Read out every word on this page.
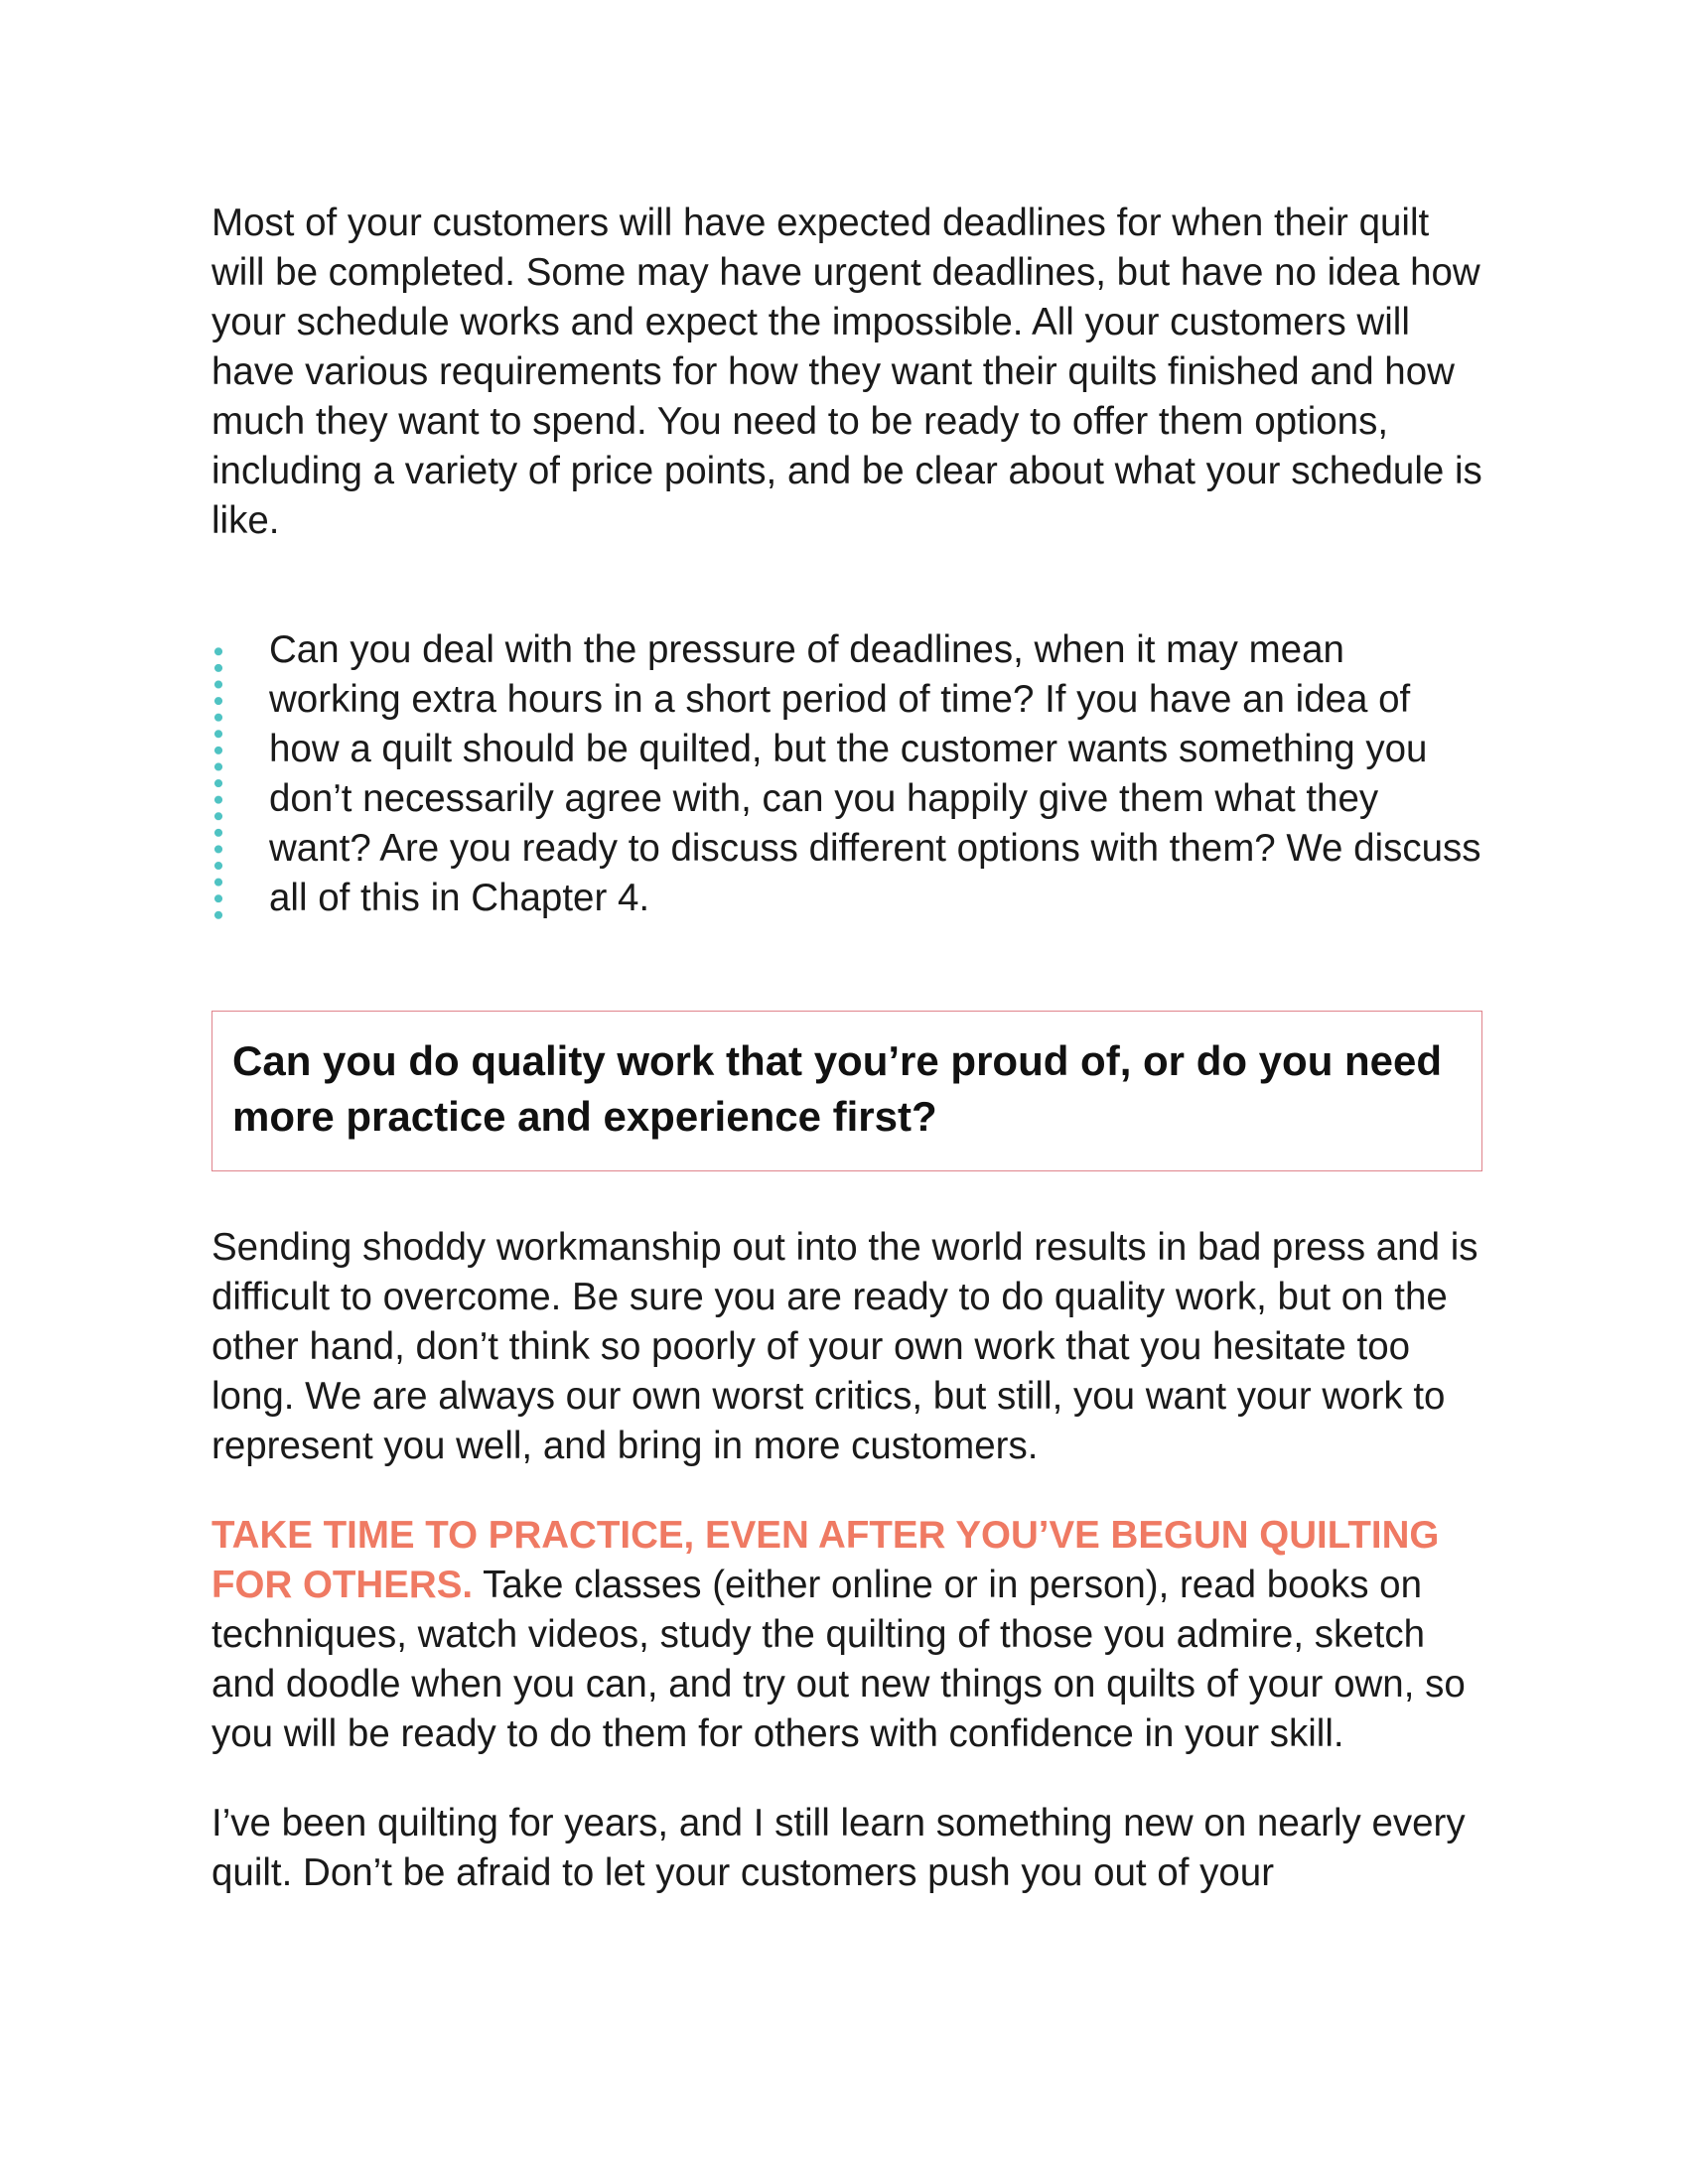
Most of your customers will have expected deadlines for when their quilt will be completed. Some may have urgent deadlines, but have no idea how your schedule works and expect the impossible. All your customers will have various requirements for how they want their quilts finished and how much they want to spend. You need to be ready to offer them options, including a variety of price points, and be clear about what your schedule is like.

Can you deal with the pressure of deadlines, when it may mean working extra hours in a short period of time? If you have an idea of how a quilt should be quilted, but the customer wants something you don’t necessarily agree with, can you happily give them what they want? Are you ready to discuss different options with them? We discuss all of this in Chapter 4.

Can you do quality work that you’re proud of, or do you need more practice and experience first?

Sending shoddy workmanship out into the world results in bad press and is difficult to overcome. Be sure you are ready to do quality work, but on the other hand, don’t think so poorly of your own work that you hesitate too long. We are always our own worst critics, but still, you want your work to represent you well, and bring in more customers.

TAKE TIME TO PRACTICE, EVEN AFTER YOU’VE BEGUN QUILTING FOR OTHERS. Take classes (either online or in person), read books on techniques, watch videos, study the quilting of those you admire, sketch and doodle when you can, and try out new things on quilts of your own, so you will be ready to do them for others with confidence in your skill.

I’ve been quilting for years, and I still learn something new on nearly every quilt. Don’t be afraid to let your customers push you out of your
